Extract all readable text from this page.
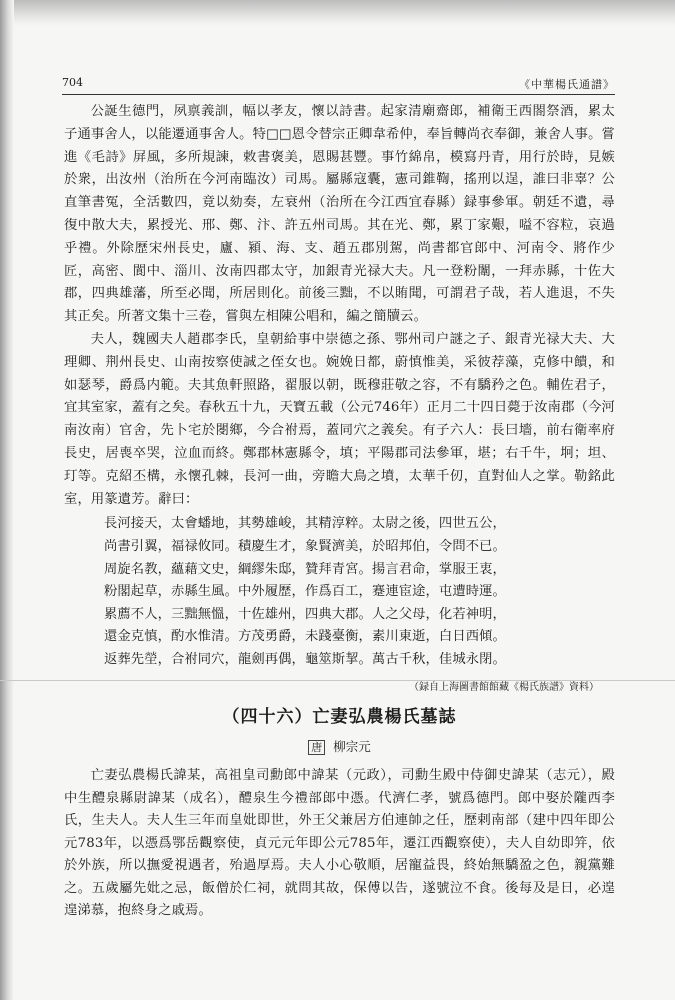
704	《中華楊氏通譜》

公誕生德門，夙禀義訓，幅以孝友，懷以詩書。起家清廟齋郎，補衛王西閤祭酒，累太子通事舍人，以能遷通事舍人。特□□恩令替宗正卿韋希仲，奉旨轉尚衣奉御，兼舍人事。嘗進《毛詩》屏風，多所規諫，敕書褒美，恩賜甚豐。事竹綿帛，模寫丹青，用行於時，見嫉於衆，出汝州（治所在今河南臨汝）司馬。屬縣寇囊，憲司錐鞫，搖刑以逞，誰曰非辜？公直筆書冤，全活數四，竟以劾奏，左衰州（治所在今江西宜春縣）録事參軍。朝廷不遺，尋復中散大夫，累授光、邢、鄭、汴、許五州司馬。其在光、鄭，累丁家艱，嗌不容粒，哀過乎禮。外除歷宋州長史，廬、潁、海、支、趙五郡別駕，尚書都官郎中、河南令、將作少匠，高密、閬中、淄川、汝南四郡太守，加銀青光禄大夫。凡一登粉闈，一拜赤縣，十佐大郡，四典雄藩，所至必聞，所居則化。前後三黜，不以賄聞，可謂君子哉，若人進退，不失其正矣。所著文集十三卷，嘗與左相陳公唱和，編之簡牘云。

夫人，魏國夫人趙郡李氏，皇朝給事中崇德之孫、鄂州司户謎之子、銀青光禄大夫、大理卿、荆州長史、山南按察使誠之侄女也。婉娩日都，蔚慎惟美，采彼荐藻，克修中饋，和如瑟琴，爵爲内範。夫其魚軒照路，翟服以朝，既穆莊敬之容，不有驕矜之色。輔佐君子，宜其室家，蓋有之矣。春秋五十九，天寶五載（公元746年）正月二十四日薨于汝南郡（今河南汝南）官舍，先卜宅於閿鄉，今合祔焉，蓋同穴之義矣。有子六人：長曰墻，前右衛率府長史，居喪卒哭，泣血而終。鄭郡林憲縣令，填；平陽郡司法參軍，堪；右千牛，坰；坦、玎等。克紹丕構，永懷孔棘，長河一曲，旁瞻大鳥之墳，太華千仞，直對仙人之掌。勒銘此室，用篆遺芳。辭曰：

長河接天，太會蟠地，其勢雄峻，其精淳粹。太尉之後，四世五公，
尚書引翼，福禄攸同。積慶生才，象賢濟美，於昭邦伯，令問不已。
周旋名教，蘊藉文史，綱繆朱邸，贊拜青宮。揚言君命，掌服王衷，
粉閣起草，赤縣生風。中外履歷，作爲百工，蹇連宦途，屯遭時運。
累薦不人，三黜無慍，十佐雄州，四典大郡。人之父母，化若神明，
還金克慎，酌水惟清。方茂勇爵，未踐臺衡，素川東逝，白日西傾。
返葬先塋，合祔同穴，龍劍再偶，龜筮斯挈。萬古千秋，佳城永閉。
（録自上海圖書館館藏《楊氏族譜》資料）
（四十六）亡妻弘農楊氏墓誌
唐 柳宗元

亡妻弘農楊氏諱某，高祖皇司勳郎中諱某（元政），司勳生殿中侍御史諱某（志元），殿中生醴泉縣尉諱某（成名），醴泉生今禮部郎中憑。代濟仁孝，號爲德門。郎中娶於隴西李氏，生夫人。夫人生三年而皇妣即世，外王父兼居方伯連帥之任，歷剌南部（建中四年即公元783年，以憑爲鄂岳觀察使，貞元元年即公元785年，遷江西觀察使），夫人自幼即笄，依於外族，所以撫愛視遇者，殆過厚焉。夫人小心敬順，居寵益畏，終始無驕盈之色，親黨難之。五歲屬先妣之忌，飯僧於仁祠，就問其故，保傅以告，遂號泣不食。後每及是日，必遑遑涕慕，抱終身之戚焉。
